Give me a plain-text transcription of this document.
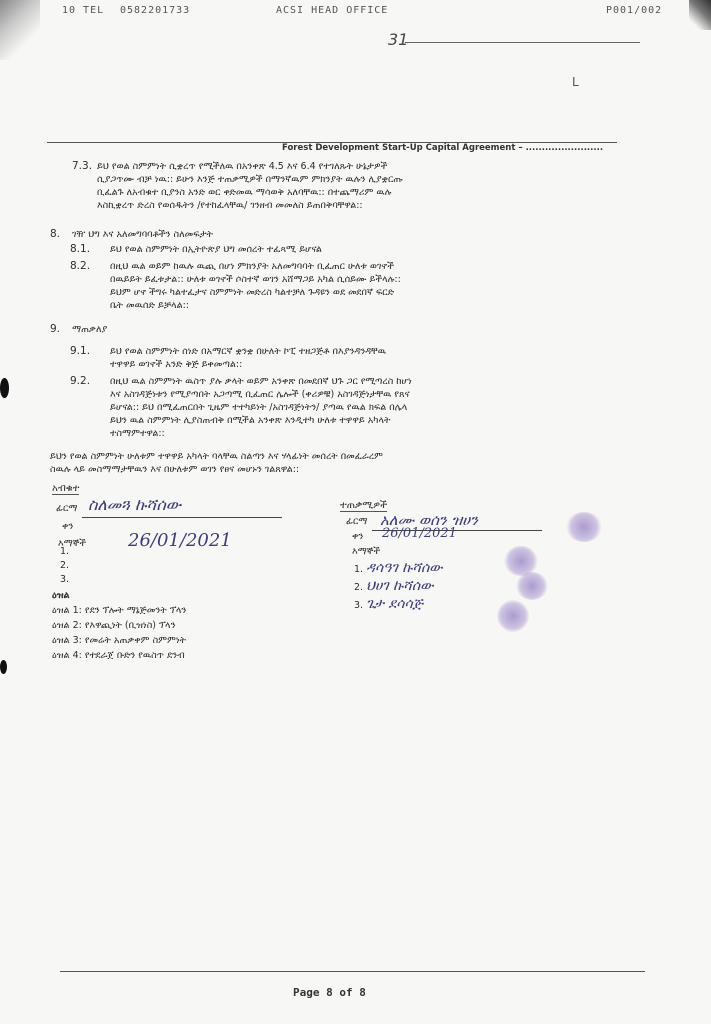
10 TEL 0582201733	ACSI HEAD OFFICE	P001/002
31
L
Forest Development Start-Up Capital Agreement – ........................
7.3. ይህ የወል ስምምነት ሲቋረጥ የሚችለዉ በአንቀጽ 4.5 እና 6.4 የተገለጹት ሁኔታዎች
ሲያጋጥሙ ብቻ ነዉ:: ይሁን እንጅ ተጠቃሚዎች በማንኛዉም ምክንያት ዉሉን ሊያቋርጡ
ቢፈልጉ ለአብቁተ ቢያንስ አንድ ወር ቀድመዉ ማሳወቅ አለባቸዉ:: በተጨማሪም ዉሉ
እስኪቋረጥ ድረስ የወሰዱትን /የተከፈላቸዉ/ ገንዘብ መመለስ ይጠበቅባቸዋል::
8. ገዥ ህግ እና አለመግባባቶችን ስለመፍታት
8.1. ይህ የወል ስምምነት በኢትዮጵያ ህግ መሰረት ተፈጻሚ ይሆናል
8.2. በዚህ ዉል ወይም ከዉሉ ዉጪ በሆነ ምክንያት አለመግባባት ቢፈጠር ሁለቱ ወገኖች
በዉይይት ይፈቱታል:: ሁለቱ ወገኖች ሶስተኛ ወገን አሸማጋይ አካል ሲሰይሙ ይችላሉ::
ይህም ሆኖ ችግሩ ካልተፈታና ስምምነት መድረስ ካልተቻለ ጉዳዩን ወደ መደበኛ ፍርድ
ቤት መዉሰድ ይቻላል::
9. ማጠቃለያ
9.1. ይህ የወል ስምምነት ሰነድ በአማርኛ ቋንቋ በሁለት ኮፒ ተዘጋጅቶ በእያንዳንዳቸዉ
ተዋዋይ ወገኖች አንድ ቅጅ ይቀመጣል::
9.2. በዚህ ዉል ስምምነት ዉስጥ ያሉ ቃላት ወይም አንቀጽ በመደበኛ ህጉ ጋር የሚጣረስ ከሆነ
እና አስገዳጅነቱን የሚያጣበት አጋጣሚ ቢፈጠር ሌሎች (ቀሪዎቹ) አስገዳጅነታቸዉ የጸና
ይሆናል:: ይህ በሚፈጠርበት ጊዜም ተተካይነት /አስገዳጅነትን/ ያጣዉ የዉል ክፍል በሌላ
ይህን ዉል ስምምነት ሊያስጠብቅ በሚችል አንቀጽ እንዲተካ ሁለቱ ተዋዋይ አካላት
ተስማምተዋል::
ይህን የወል ስምምነት ሁለቱም ተዋዋይ አካላት ባላቸዉ ስልጣን እና ሃላፊነት መሰረት በመፈራረም
ስዉሉ ላይ መስማማታቸዉን እና በሁለቱም ወገን የፀና መሆኑን ገልጸዋል::
አብቁተ
ፊርማ ስለመጓ ኩሻሰው
ቀን
26/01/2021
እማኞች
1.
2.
3.
ተጠቃሚዎች
ፊርማ አለሙ ወሰን ዝሀን
ቀን 26/01/2021
እማኞች
1. ዳሳዓገ ኩሻሰው
2. ህሀገ ኩሻሰው
3. ጌታ ደሳሳጅ
ዕዝል
ዕዝል 1: የደን ፕሎት ማኔጅመንት ፕላን
ዕዝል 2: የእዋጪነት (ቢዝነስ) ፕላን
ዕዝል 3: የመሬት አጠቃቀም ስምምነት
ዕዝል 4: የተደራጀ ቡድን የዉስጥ ደንብ
Page 8 of 8
